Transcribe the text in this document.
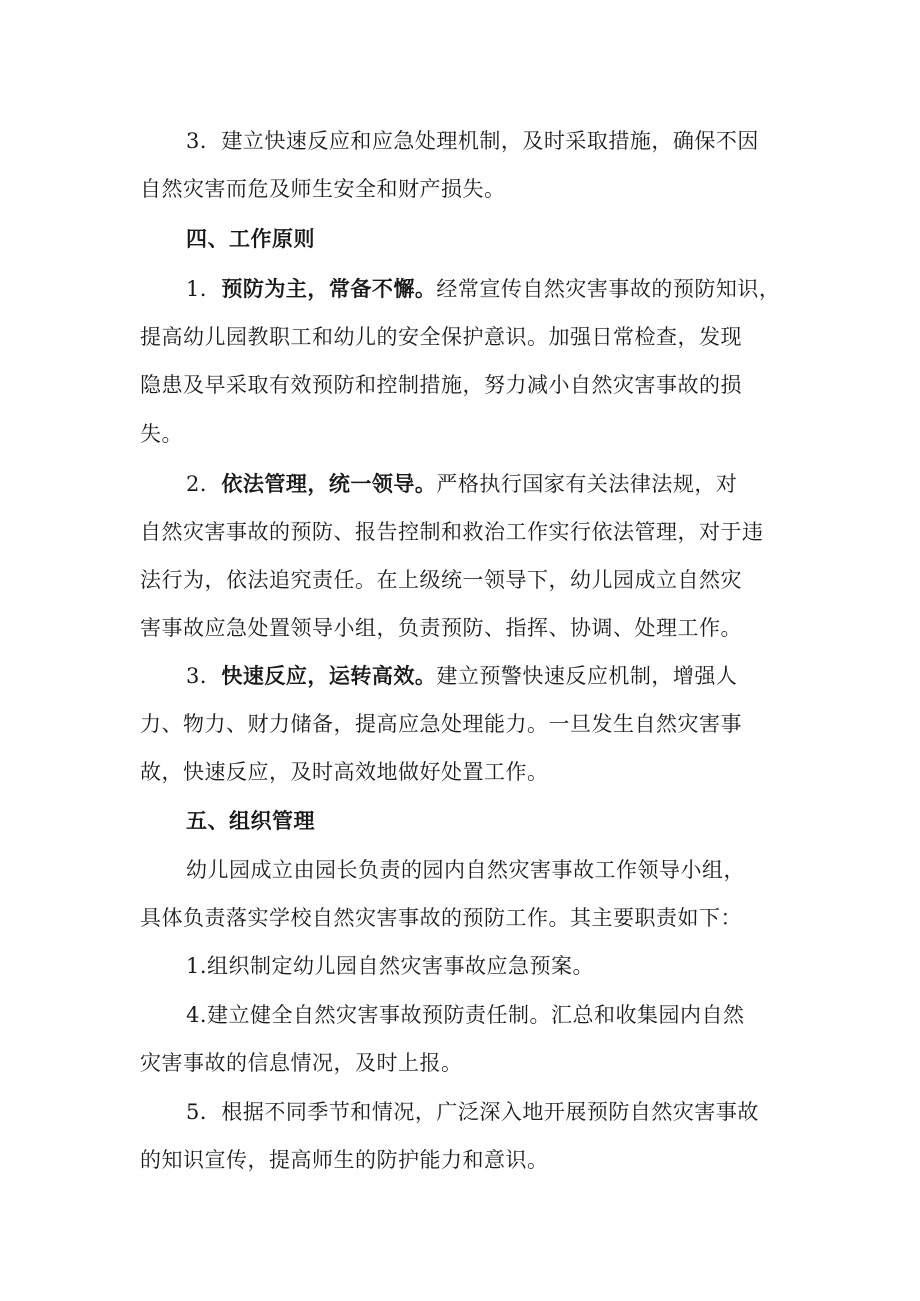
3．建立快速反应和应急处理机制，及时采取措施，确保不因
自然灾害而危及师生安全和财产损失。
四、工作原则
1．预防为主，常备不懈。经常宣传自然灾害事故的预防知识，
提高幼儿园教职工和幼儿的安全保护意识。加强日常检查，发现
隐患及早采取有效预防和控制措施，努力减小自然灾害事故的损
失。
2．依法管理，统一领导。严格执行国家有关法律法规，对
自然灾害事故的预防、报告控制和救治工作实行依法管理，对于违
法行为，依法追究责任。在上级统一领导下，幼儿园成立自然灾
害事故应急处置领导小组，负责预防、指挥、协调、处理工作。
3．快速反应，运转高效。建立预警快速反应机制，增强人
力、物力、财力储备，提高应急处理能力。一旦发生自然灾害事
故，快速反应，及时高效地做好处置工作。
五、组织管理
幼儿园成立由园长负责的园内自然灾害事故工作领导小组，
具体负责落实学校自然灾害事故的预防工作。其主要职责如下：
1.组织制定幼儿园自然灾害事故应急预案。
4.建立健全自然灾害事故预防责任制。汇总和收集园内自然
灾害事故的信息情况，及时上报。
5．根据不同季节和情况，广泛深入地开展预防自然灾害事故
的知识宣传，提高师生的防护能力和意识。
